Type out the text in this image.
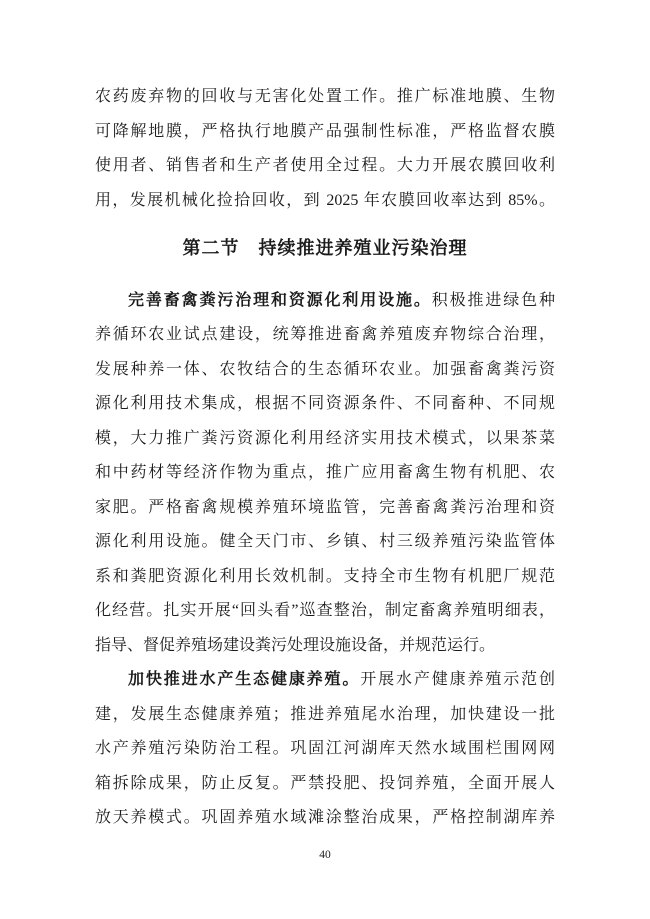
农药废弃物的回收与无害化处置工作。推广标准地膜、生物
可降解地膜，严格执行地膜产品强制性标准，严格监督农膜
使用者、销售者和生产者使用全过程。大力开展农膜回收利
用，发展机械化捡拾回收，到 2025 年农膜回收率达到 85%。
第二节　持续推进养殖业污染治理
完善畜禽粪污治理和资源化利用设施。积极推进绿色种
养循环农业试点建设，统筹推进畜禽养殖废弃物综合治理，
发展种养一体、农牧结合的生态循环农业。加强畜禽粪污资
源化利用技术集成，根据不同资源条件、不同畜种、不同规
模，大力推广粪污资源化利用经济实用技术模式，以果茶菜
和中药材等经济作物为重点，推广应用畜禽生物有机肥、农
家肥。严格畜禽规模养殖环境监管，完善畜禽粪污治理和资
源化利用设施。健全天门市、乡镇、村三级养殖污染监管体
系和粪肥资源化利用长效机制。支持全市生物有机肥厂规范
化经营。扎实开展“回头看”巡查整治，制定畜禽养殖明细表，
指导、督促养殖场建设粪污处理设施设备，并规范运行。
加快推进水产生态健康养殖。开展水产健康养殖示范创
建，发展生态健康养殖；推进养殖尾水治理，加快建设一批
水产养殖污染防治工程。巩固江河湖库天然水域围栏围网网
箱拆除成果，防止反复。严禁投肥、投饲养殖，全面开展人
放天养模式。巩固养殖水域滩涂整治成果，严格控制湖库养
40
